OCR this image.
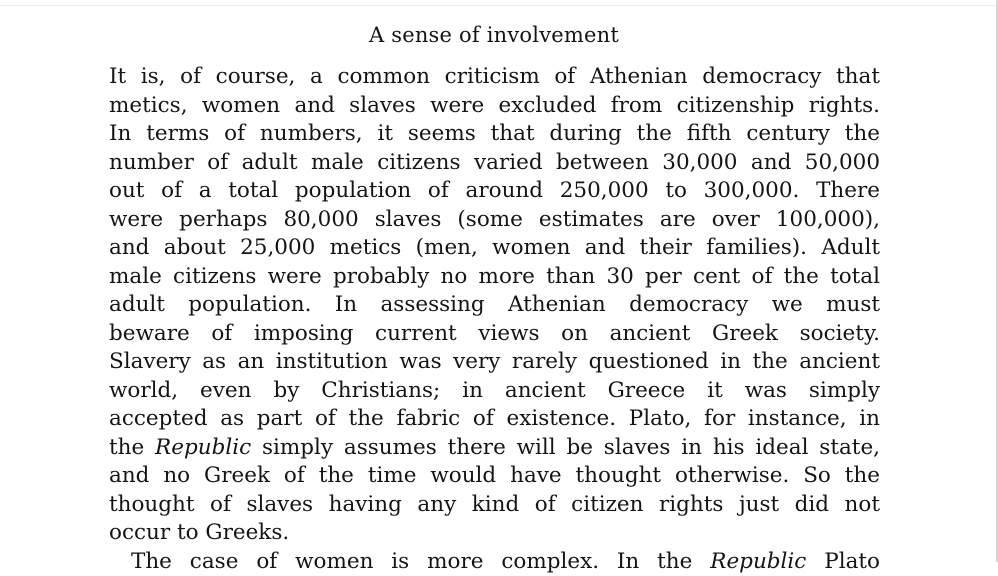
A sense of involvement
It is, of course, a common criticism of Athenian democracy that
metics, women and slaves were excluded from citizenship rights.
In terms of numbers, it seems that during the fifth century the
number of adult male citizens varied between 30,000 and 50,000
out of a total population of around 250,000 to 300,000. There
were perhaps 80,000 slaves (some estimates are over 100,000),
and about 25,000 metics (men, women and their families). Adult
male citizens were probably no more than 30 per cent of the total
adult population. In assessing Athenian democracy we must
beware of imposing current views on ancient Greek society.
Slavery as an institution was very rarely questioned in the ancient
world, even by Christians; in ancient Greece it was simply
accepted as part of the fabric of existence. Plato, for instance, in
the Republic simply assumes there will be slaves in his ideal state,
and no Greek of the time would have thought otherwise. So the
thought of slaves having any kind of citizen rights just did not
occur to Greeks.
The case of women is more complex. In the Republic Plato
